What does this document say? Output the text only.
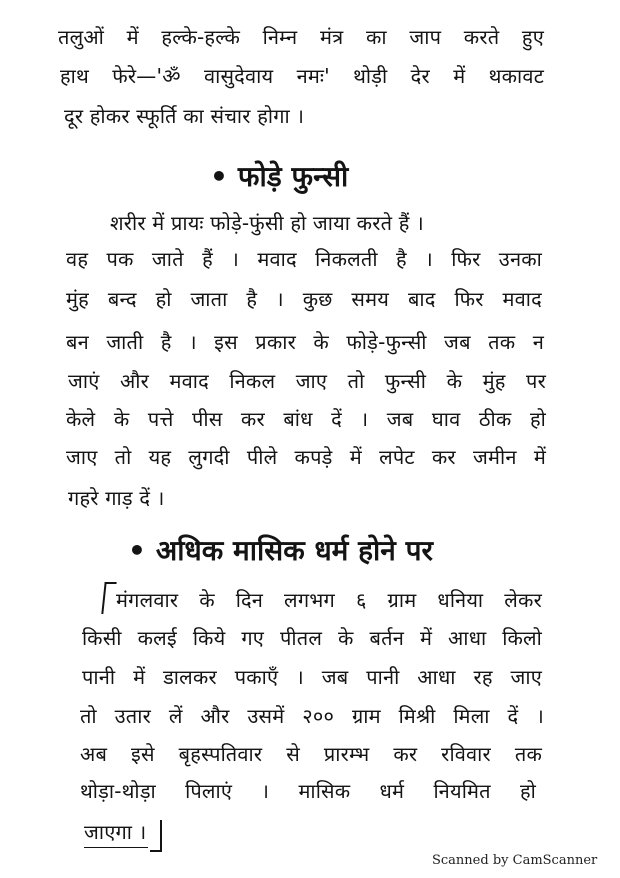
तलुओं में हल्के-हल्के निम्न मंत्र का जाप करते हुए
हाथ फेरे—'ॐ वासुदेवाय नमः' थोड़ी देर में थकावट
दूर होकर स्फूर्ति का संचार होगा ।
• फोड़े फुन्सी
शरीर में प्रायः फोड़े-फुंसी हो जाया करते हैं ।
वह पक जाते हैं । मवाद निकलती है । फिर उनका
मुंह बन्द हो जाता है । कुछ समय बाद फिर मवाद
बन जाती है । इस प्रकार के फोड़े-फुन्सी जब तक न
जाएं और मवाद निकल जाए तो फुन्सी के मुंह पर
केले के पत्ते पीस कर बांध दें । जब घाव ठीक हो
जाए तो यह लुगदी पीले कपड़े में लपेट कर जमीन में
गहरे गाड़ दें ।
• अधिक मासिक धर्म होने पर
मंगलवार के दिन लगभग ६ ग्राम धनिया लेकर
किसी कलई किये गए पीतल के बर्तन में आधा किलो
पानी में डालकर पकाएँ । जब पानी आधा रह जाए
तो उतार लें और उसमें २०० ग्राम मिश्री मिला दें ।
अब इसे बृहस्पतिवार से प्रारम्भ कर रविवार तक
थोड़ा-थोड़ा पिलाएं । मासिक धर्म नियमित हो
जाएगा ।
Scanned by CamScanner
